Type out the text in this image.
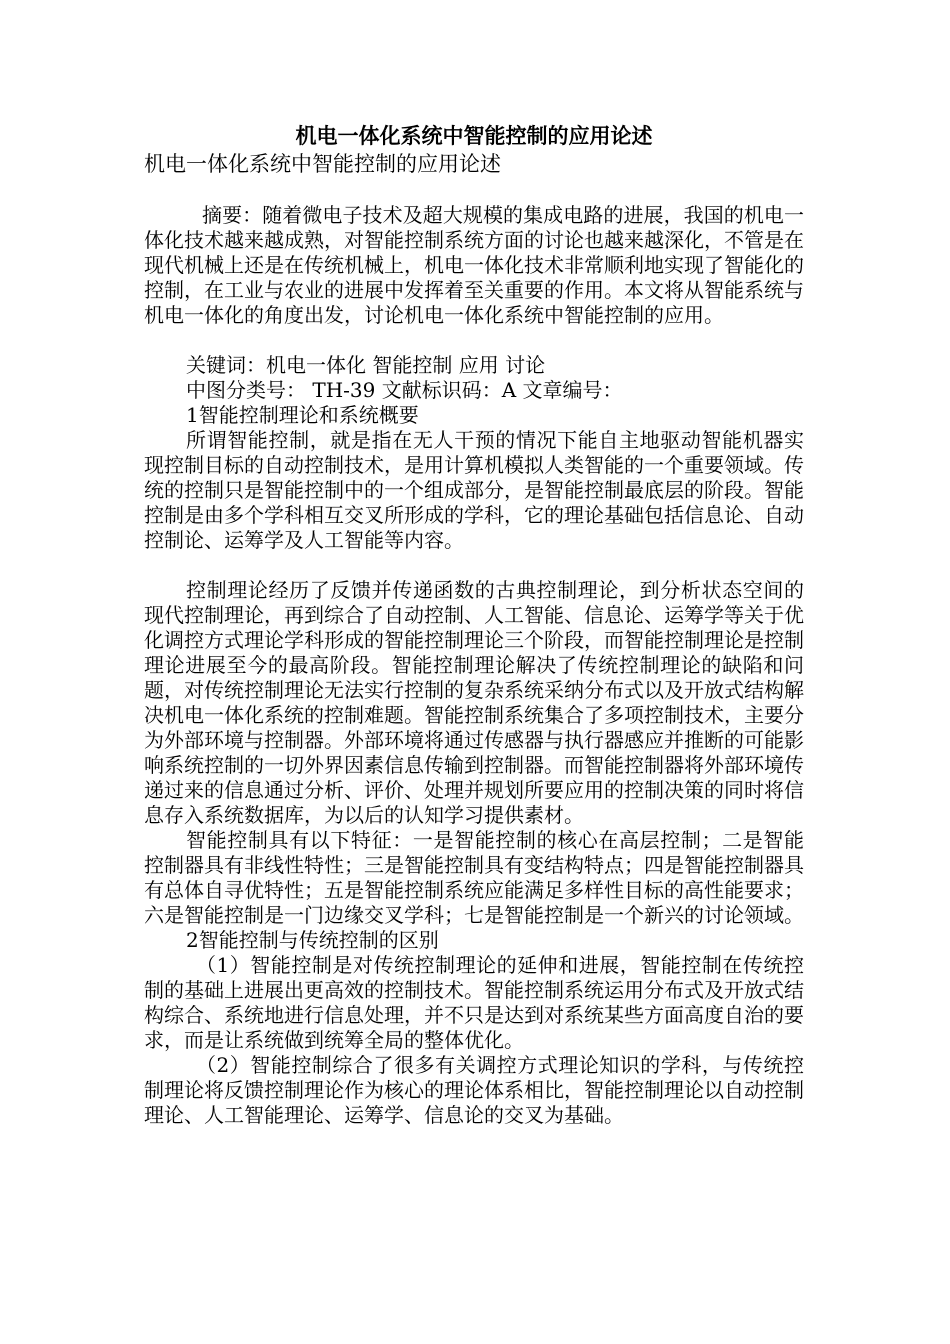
机电一体化系统中智能控制的应用论述

机电一体化系统中智能控制的应用论述

摘要：随着微电子技术及超大规模的集成电路的进展，我国的机电一体化技术越来越成熟，对智能控制系统方面的讨论也越来越深化，不管是在现代机械上还是在传统机械上，机电一体化技术非常顺利地实现了智能化的控制，在工业与农业的进展中发挥着至关重要的作用。本文将从智能系统与机电一体化的角度出发，讨论机电一体化系统中智能控制的应用。

关键词：机电一体化 智能控制 应用 讨论

中图分类号： TH-39 文献标识码：A 文章编号：

1智能控制理论和系统概要

所谓智能控制，就是指在无人干预的情况下能自主地驱动智能机器实现控制目标的自动控制技术，是用计算机模拟人类智能的一个重要领域。传统的控制只是智能控制中的一个组成部分，是智能控制最底层的阶段。智能控制是由多个学科相互交叉所形成的学科，它的理论基础包括信息论、自动控制论、运筹学及人工智能等内容。

控制理论经历了反馈并传递函数的古典控制理论，到分析状态空间的现代控制理论，再到综合了自动控制、人工智能、信息论、运筹学等关于优化调控方式理论学科形成的智能控制理论三个阶段，而智能控制理论是控制理论进展至今的最高阶段。智能控制理论解决了传统控制理论的缺陷和问题，对传统控制理论无法实行控制的复杂系统采纳分布式以及开放式结构解决机电一体化系统的控制难题。智能控制系统集合了多项控制技术，主要分为外部环境与控制器。外部环境将通过传感器与执行器感应并推断的可能影响系统控制的一切外界因素信息传输到控制器。而智能控制器将外部环境传递过来的信息通过分析、评价、处理并规划所要应用的控制决策的同时将信息存入系统数据库，为以后的认知学习提供素材。

智能控制具有以下特征：一是智能控制的核心在高层控制；二是智能控制器具有非线性特性；三是智能控制具有变结构特点；四是智能控制器具有总体自寻优特性；五是智能控制系统应能满足多样性目标的高性能要求；六是智能控制是一门边缘交叉学科；七是智能控制是一个新兴的讨论领域。

2智能控制与传统控制的区别

（1）智能控制是对传统控制理论的延伸和进展，智能控制在传统控制的基础上进展出更高效的控制技术。智能控制系统运用分布式及开放式结构综合、系统地进行信息处理，并不只是达到对系统某些方面高度自治的要求，而是让系统做到统筹全局的整体优化。

（2）智能控制综合了很多有关调控方式理论知识的学科，与传统控制理论将反馈控制理论作为核心的理论体系相比，智能控制理论以自动控制理论、人工智能理论、运筹学、信息论的交叉为基础。
